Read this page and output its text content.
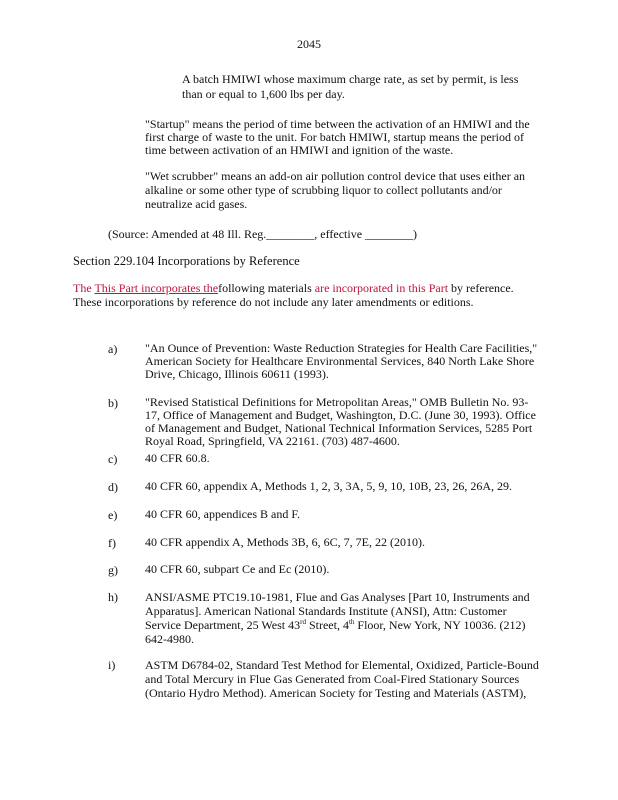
2045
A batch HMIWI whose maximum charge rate, as set by permit, is less
than or equal to 1,600 lbs per day.
"Startup" means the period of time between the activation of an HMIWI and the
first charge of waste to the unit. For batch HMIWI, startup means the period of
time between activation of an HMIWI and ignition of the waste.
"Wet scrubber" means an add-on air pollution control device that uses either an
alkaline or some other type of scrubbing liquor to collect pollutants and/or
neutralize acid gases.
(Source: Amended at 48 Ill. Reg.________, effective ________)
Section 229.104 Incorporations by Reference
The This Part incorporates thefollowing materials are incorporated in this Part by reference.
These incorporations by reference do not include any later amendments or editions.
a) "An Ounce of Prevention: Waste Reduction Strategies for Health Care Facilities,"
American Society for Healthcare Environmental Services, 840 North Lake Shore
Drive, Chicago, Illinois 60611 (1993).
b) "Revised Statistical Definitions for Metropolitan Areas," OMB Bulletin No. 93-
17, Office of Management and Budget, Washington, D.C. (June 30, 1993). Office
of Management and Budget, National Technical Information Services, 5285 Port
Royal Road, Springfield, VA 22161. (703) 487-4600.
c) 40 CFR 60.8.
d) 40 CFR 60, appendix A, Methods 1, 2, 3, 3A, 5, 9, 10, 10B, 23, 26, 26A, 29.
e) 40 CFR 60, appendices B and F.
f) 40 CFR appendix A, Methods 3B, 6, 6C, 7, 7E, 22 (2010).
g) 40 CFR 60, subpart Ce and Ec (2010).
h) ANSI/ASME PTC19.10-1981, Flue and Gas Analyses [Part 10, Instruments and
Apparatus]. American National Standards Institute (ANSI), Attn: Customer
Service Department, 25 West 43rd Street, 4th Floor, New York, NY 10036. (212)
642-4980.
i) ASTM D6784-02, Standard Test Method for Elemental, Oxidized, Particle-Bound
and Total Mercury in Flue Gas Generated from Coal-Fired Stationary Sources
(Ontario Hydro Method). American Society for Testing and Materials (ASTM),
